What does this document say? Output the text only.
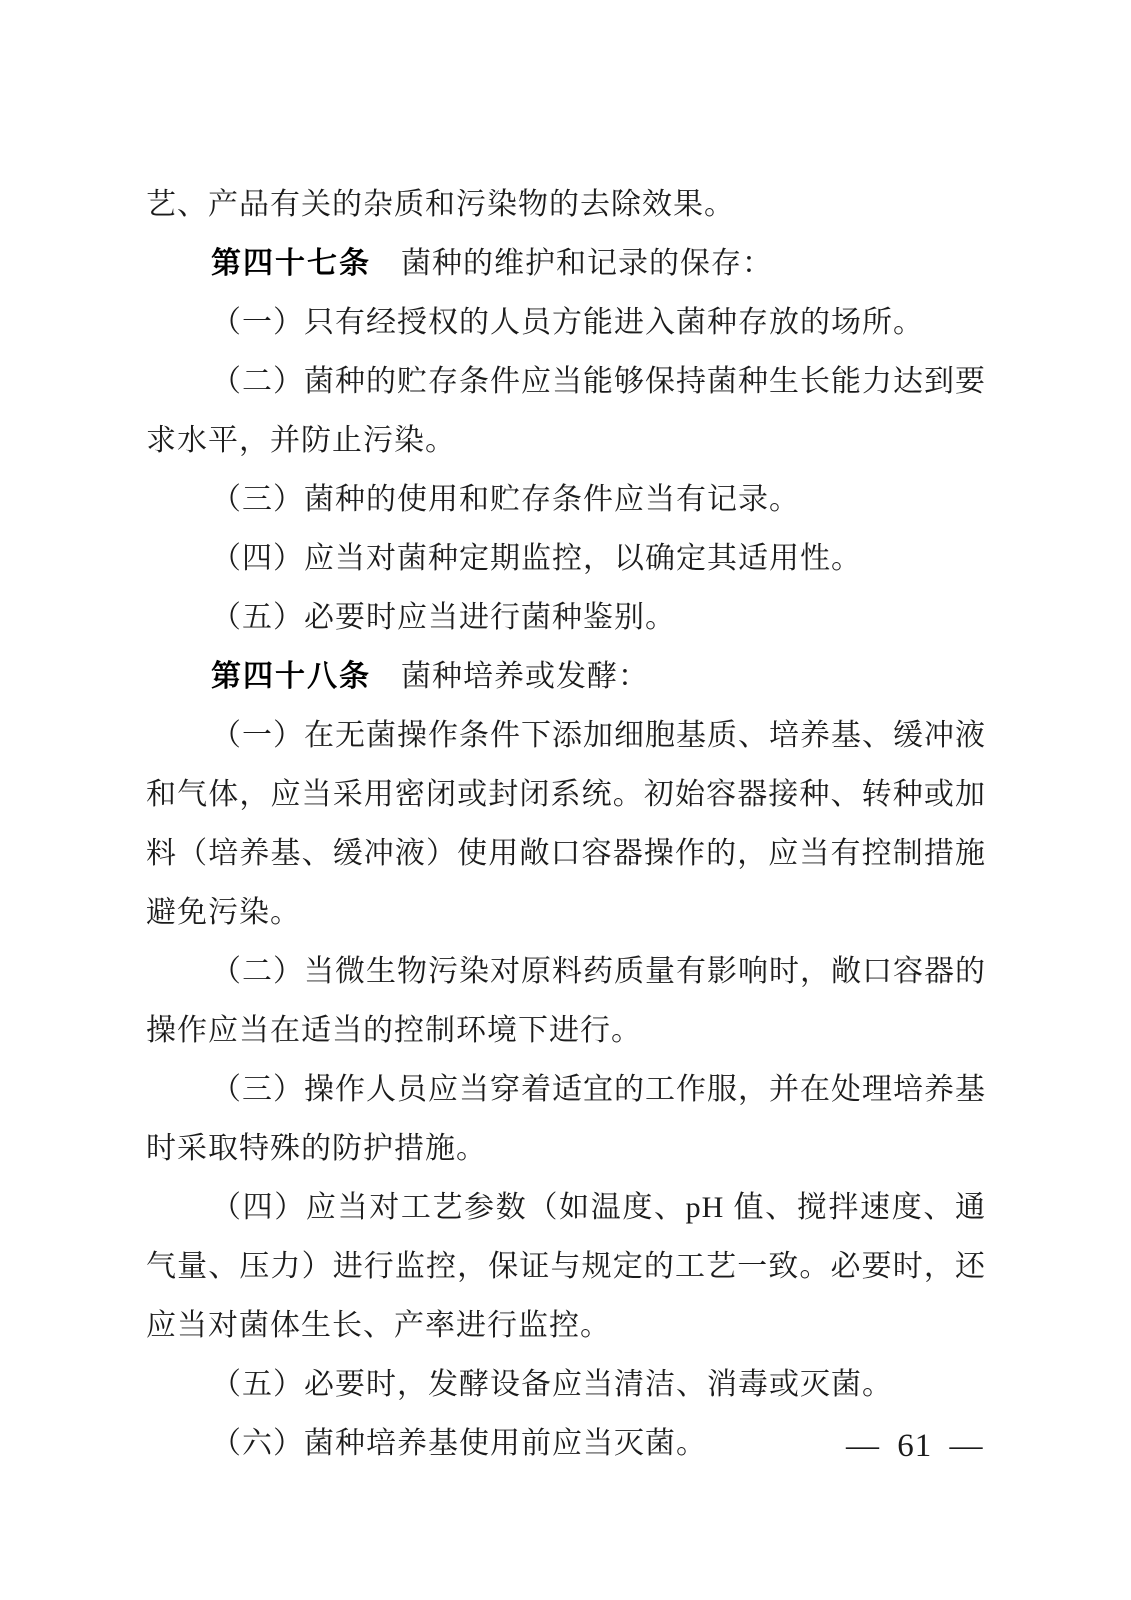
艺、产品有关的杂质和污染物的去除效果。

第四十七条 菌种的维护和记录的保存：

（一）只有经授权的人员方能进入菌种存放的场所。

（二）菌种的贮存条件应当能够保持菌种生长能力达到要求水平，并防止污染。

（三）菌种的使用和贮存条件应当有记录。

（四）应当对菌种定期监控，以确定其适用性。

（五）必要时应当进行菌种鉴别。

第四十八条 菌种培养或发酵：

（一）在无菌操作条件下添加细胞基质、培养基、缓冲液和气体，应当采用密闭或封闭系统。初始容器接种、转种或加料（培养基、缓冲液）使用敞口容器操作的，应当有控制措施避免污染。

（二）当微生物污染对原料药质量有影响时，敞口容器的操作应当在适当的控制环境下进行。

（三）操作人员应当穿着适宜的工作服，并在处理培养基时采取特殊的防护措施。

（四）应当对工艺参数（如温度、pH 值、搅拌速度、通气量、压力）进行监控，保证与规定的工艺一致。必要时，还应当对菌体生长、产率进行监控。

（五）必要时，发酵设备应当清洁、消毒或灭菌。

（六）菌种培养基使用前应当灭菌。	— 61 —
